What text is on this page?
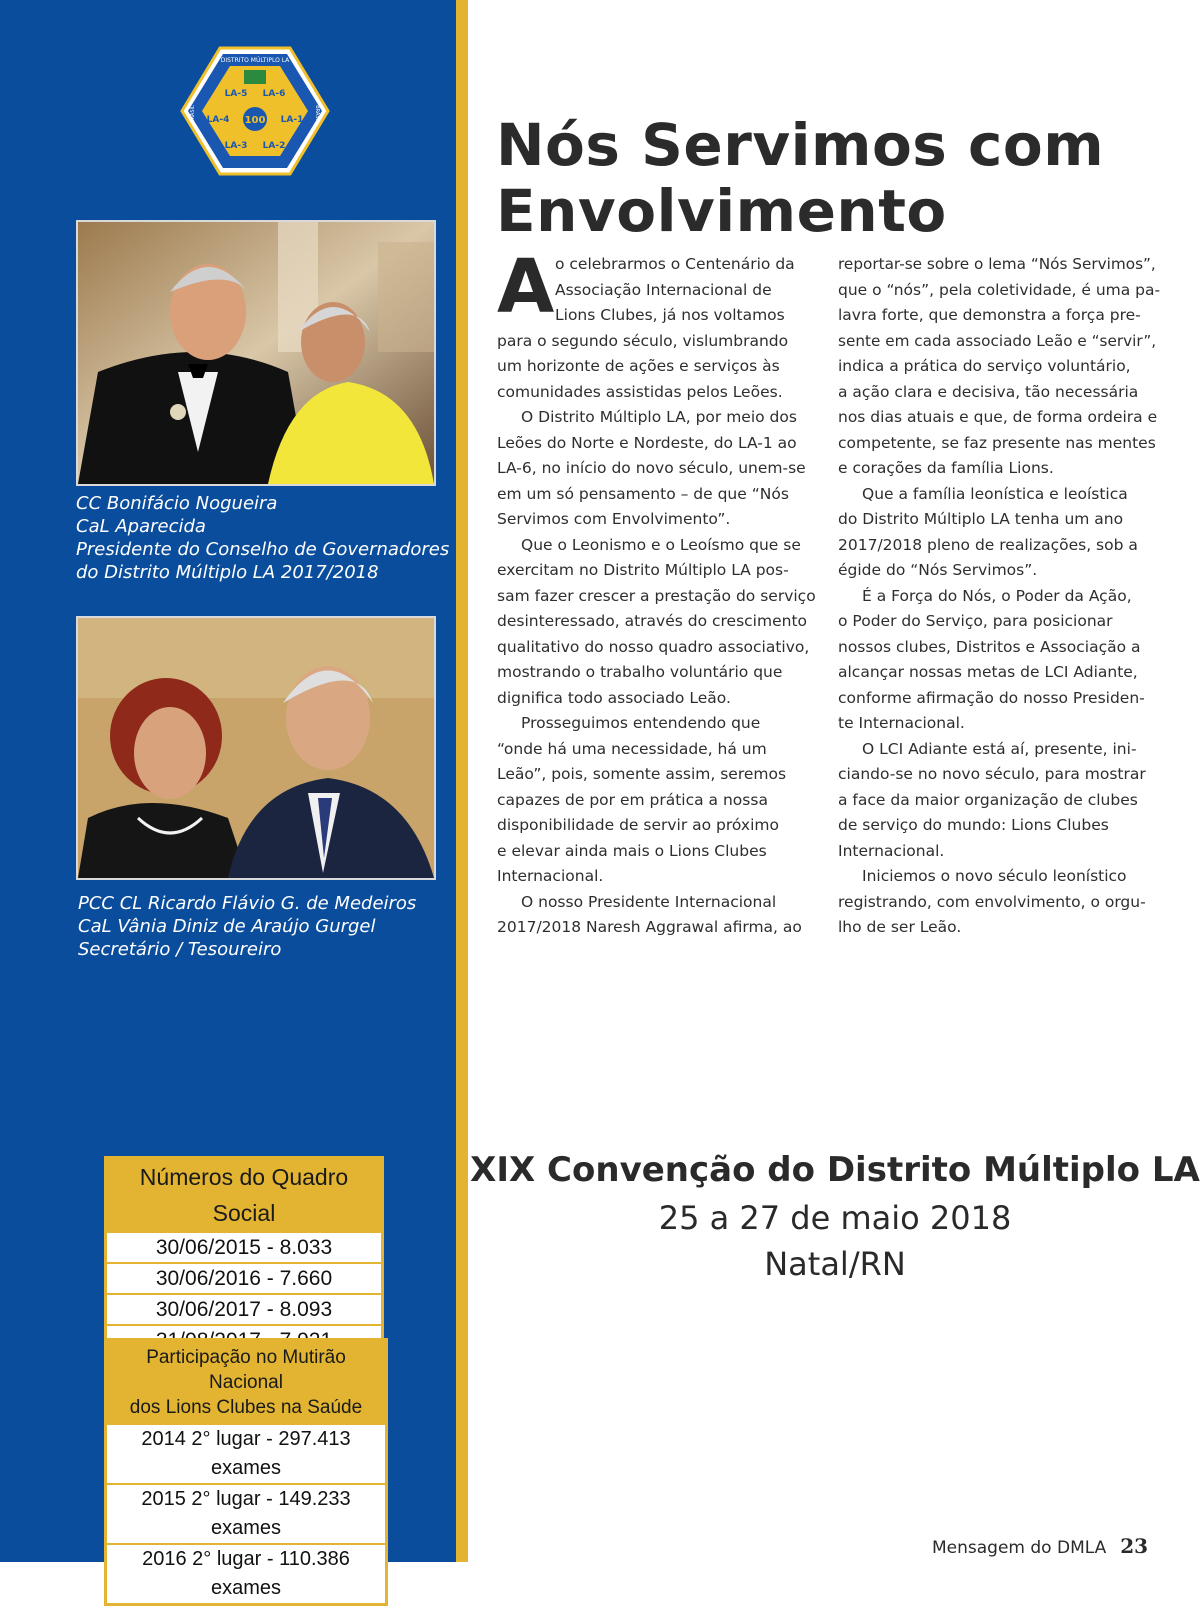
DISTRITO MÚLTIPLO LA
BRASIL	BRASIL
LA-5 LA-6
LA-4	LA-1
LA-3 LA-2
100
CC Bonifácio Nogueira
CaL Aparecida
Presidente do Conselho de Governadores
do Distrito Múltiplo LA 2017/2018
PCC CL Ricardo Flávio G. de Medeiros
CaL Vânia Diniz de Araújo Gurgel
Secretário / Tesoureiro
Números do Quadro Social
30/06/2015 - 8.033
30/06/2016 - 7.660
30/06/2017 - 8.093
Participação no Mutirão Nacional
dos Lions Clubes na Saúde
2014 2° lugar - 297.413 exames
2015 2° lugar - 149.233 exames
2016 2° lugar - 110.386 exames
Nós Servimos com
Envolvimento
A o celebrarmos o Centenário da
Associação Internacional de
Lions Clubes, já nos voltamos
para o segundo século, vislumbrando
um horizonte de ações e serviços às
comunidades assistidas pelos Leões.
O Distrito Múltiplo LA, por meio dos
Leões do Norte e Nordeste, do LA-1 ao
LA-6, no início do novo século, unem-se
em um só pensamento – de que “Nós
Servimos com Envolvimento”.
Que o Leonismo e o Leoísmo que se
exercitam no Distrito Múltiplo LA pos-
sam fazer crescer a prestação do serviço
desinteressado, através do crescimento
qualitativo do nosso quadro associativo,
mostrando o trabalho voluntário que
dignifica todo associado Leão.
Prosseguimos entendendo que
“onde há uma necessidade, há um
Leão”, pois, somente assim, seremos
capazes de por em prática a nossa
disponibilidade de servir ao próximo
e elevar ainda mais o Lions Clubes
Internacional.
O nosso Presidente Internacional
2017/2018 Naresh Aggrawal afirma, ao
reportar-se sobre o lema “Nós Servimos”,
que o “nós”, pela coletividade, é uma pa-
lavra forte, que demonstra a força pre-
sente em cada associado Leão e “servir”,
indica a prática do serviço voluntário,
a ação clara e decisiva, tão necessária
nos dias atuais e que, de forma ordeira e
competente, se faz presente nas mentes
e corações da família Lions.
Que a família leonística e leoística
do Distrito Múltiplo LA tenha um ano
2017/2018 pleno de realizações, sob a
égide do “Nós Servimos”.
É a Força do Nós, o Poder da Ação,
o Poder do Serviço, para posicionar
nossos clubes, Distritos e Associação a
alcançar nossas metas de LCI Adiante,
conforme afirmação do nosso Presiden-
te Internacional.
O LCI Adiante está aí, presente, ini-
ciando-se no novo século, para mostrar
a face da maior organização de clubes
de serviço do mundo: Lions Clubes
Internacional.
Iniciemos o novo século leonístico
registrando, com envolvimento, o orgu-
lho de ser Leão.
XIX Convenção do Distrito Múltiplo LA
25 a 27 de maio 2018
Natal/RN
Mensagem do DMLA 23
